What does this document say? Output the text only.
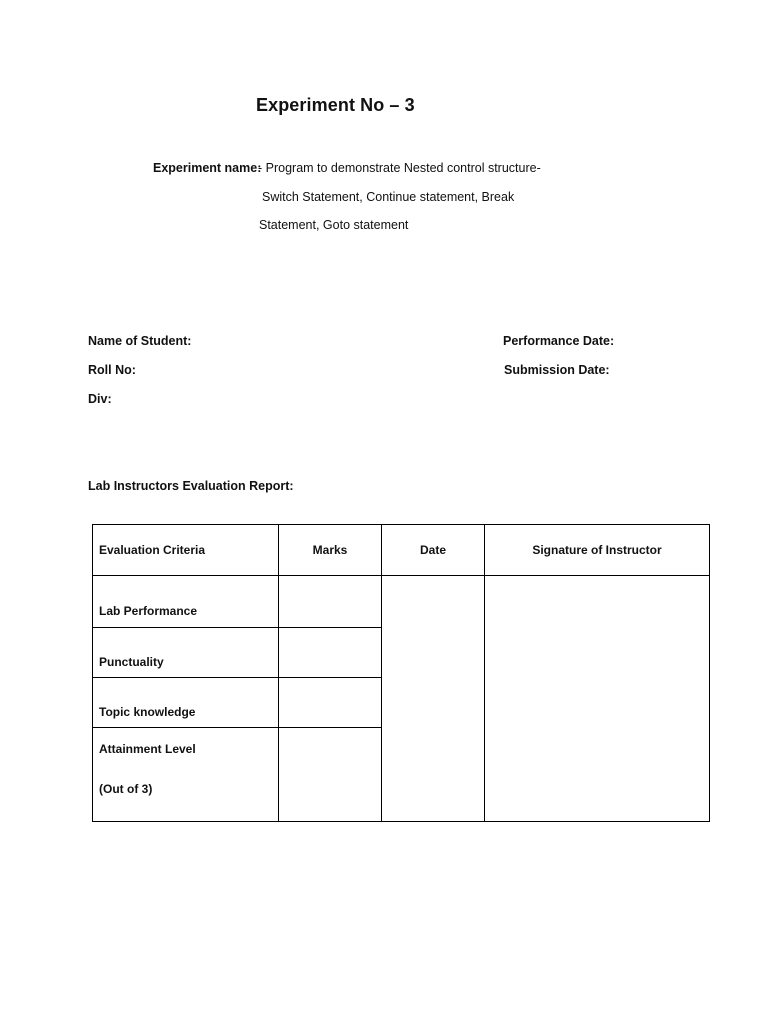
Experiment No – 3
Experiment name:
- Program to demonstrate Nested control structure-
Switch Statement, Continue statement, Break
Statement, Goto statement
Name of Student:
Roll No:
Div:
Performance Date:
Submission Date:
Lab Instructors Evaluation Report:
Evaluation Criteria	Marks	Date	Signature of Instructor
Lab Performance			
Punctuality			
Topic knowledge			

Attainment Level
(Out of 3)			
